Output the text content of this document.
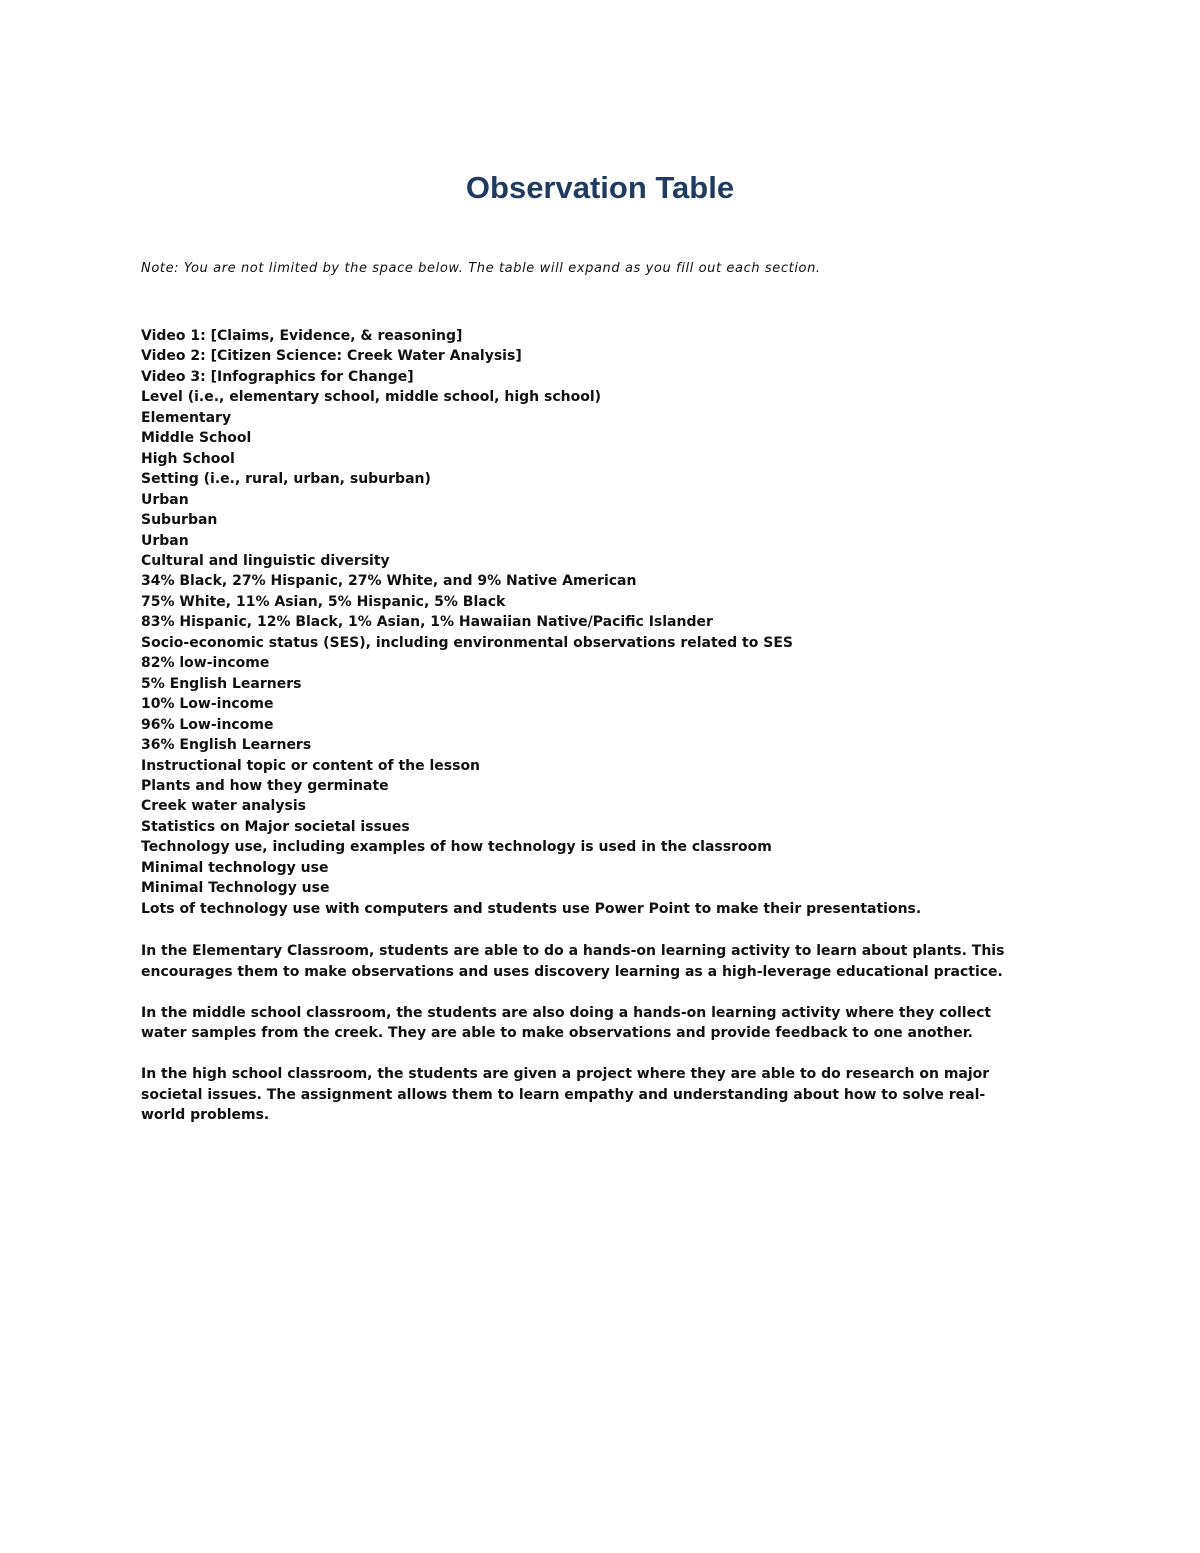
Observation Table

Note: You are not limited by the space below. The table will expand as you fill out each section.

Video 1: [Claims, Evidence, & reasoning]
Video 2: [Citizen Science: Creek Water Analysis]
Video 3: [Infographics for Change]
Level (i.e., elementary school, middle school, high school)
Elementary
Middle School
High School
Setting (i.e., rural, urban, suburban)
Urban
Suburban
Urban
Cultural and linguistic diversity
34% Black, 27% Hispanic, 27% White, and 9% Native American
75% White, 11% Asian, 5% Hispanic, 5% Black
83% Hispanic, 12% Black, 1% Asian, 1% Hawaiian Native/Pacific Islander
Socio-economic status (SES), including environmental observations related to SES
82% low-income
5% English Learners
10% Low-income
96% Low-income
36% English Learners
Instructional topic or content of the lesson
Plants and how they germinate
Creek water analysis
Statistics on Major societal issues
Technology use, including examples of how technology is used in the classroom
Minimal technology use
Minimal Technology use
Lots of technology use with computers and students use Power Point to make their presentations.

In the Elementary Classroom, students are able to do a hands-on learning activity to learn about plants. This
encourages them to make observations and uses discovery learning as a high-leverage educational practice.

In the middle school classroom, the students are also doing a hands-on learning activity where they collect
water samples from the creek. They are able to make observations and provide feedback to one another.

In the high school classroom, the students are given a project where they are able to do research on major
societal issues. The assignment allows them to learn empathy and understanding about how to solve real-
world problems.
